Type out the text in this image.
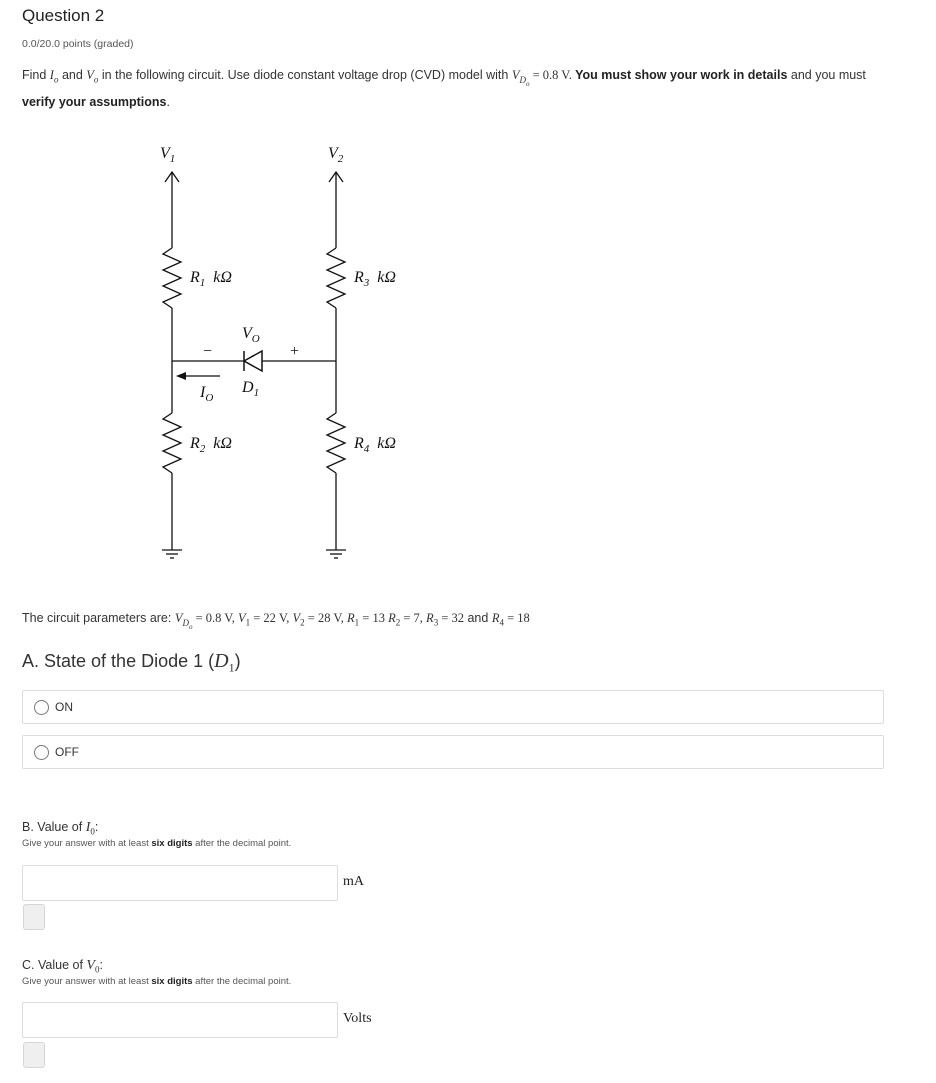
Question 2
0.0/20.0 points (graded)
Find $I_o$ and $V_o$ in the following circuit. Use diode constant voltage drop (CVD) model with $V_{D_o} = 0.8$ V. You must show your work in details and you must verify your assumptions.
$V_1$
$R_1$ kΩ
$V_O$
−	+
$I_O$
$D_1$
$R_2$ kΩ
$V_2$
$R_3$ kΩ
$R_4$ kΩ
The circuit parameters are: $V_{D_o} = 0.8$ V, $V_1 = 22$ V, $V_2 = 28$ V, $R_1 = 13$ $R_2 = 7$, $R_3 = 32$ and $R_4 = 18$
A. State of the Diode 1 $(D_1)$
ON
OFF
B. Value of $I_0$:
Give your answer with at least six digits after the decimal point.
mA
C. Value of $V_0$:
Give your answer with at least six digits after the decimal point.
Volts
